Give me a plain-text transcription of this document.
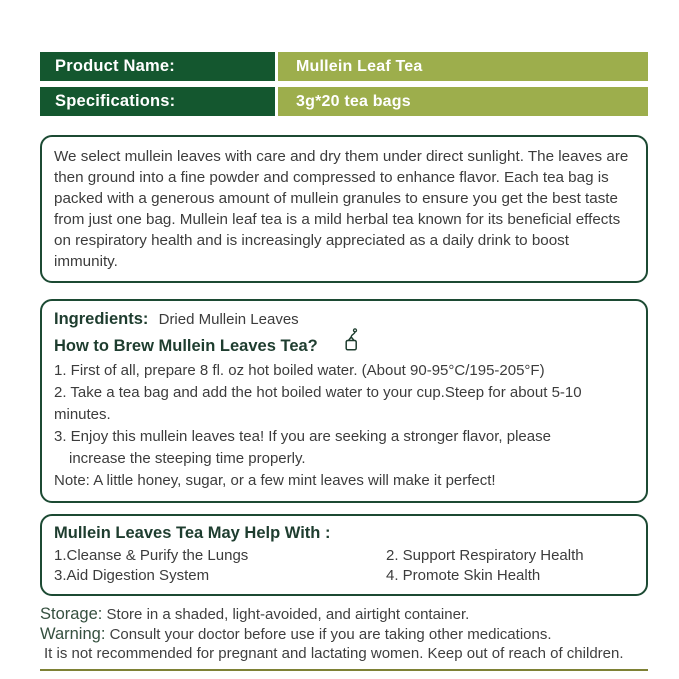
Product Name:	Mullein Leaf Tea
Specifications:	3g*20 tea bags

We select mullein leaves with care and dry them under direct sunlight. The leaves are then ground into a fine powder and compressed to enhance flavor. Each tea bag is packed with a generous amount of mullein granules to ensure you get the best taste from just one bag. Mullein leaf tea is a mild herbal tea known for its beneficial effects on respiratory health and is increasingly appreciated as a daily drink to boost immunity.

Ingredients: Dried Mullein Leaves
How to Brew Mullein Leaves Tea?
1. First of all, prepare 8 fl. oz hot boiled water. (About 90-95°C/195-205°F)
2. Take a tea bag and add the hot boiled water to your cup.Steep for about 5-10 minutes.
3. Enjoy this mullein leaves tea! If you are seeking a stronger flavor, please
increase the steeping time properly.
Note: A little honey, sugar, or a few mint leaves will make it perfect!
Mullein Leaves Tea May Help With :
1.Cleanse & Purify the Lungs	2. Support Respiratory Health
3.Aid Digestion System	4. Promote Skin Health
Storage: Store in a shaded, light-avoided, and airtight container.
Warning: Consult your doctor before use if you are taking other medications.
It is not recommended for pregnant and lactating women. Keep out of reach of children.
